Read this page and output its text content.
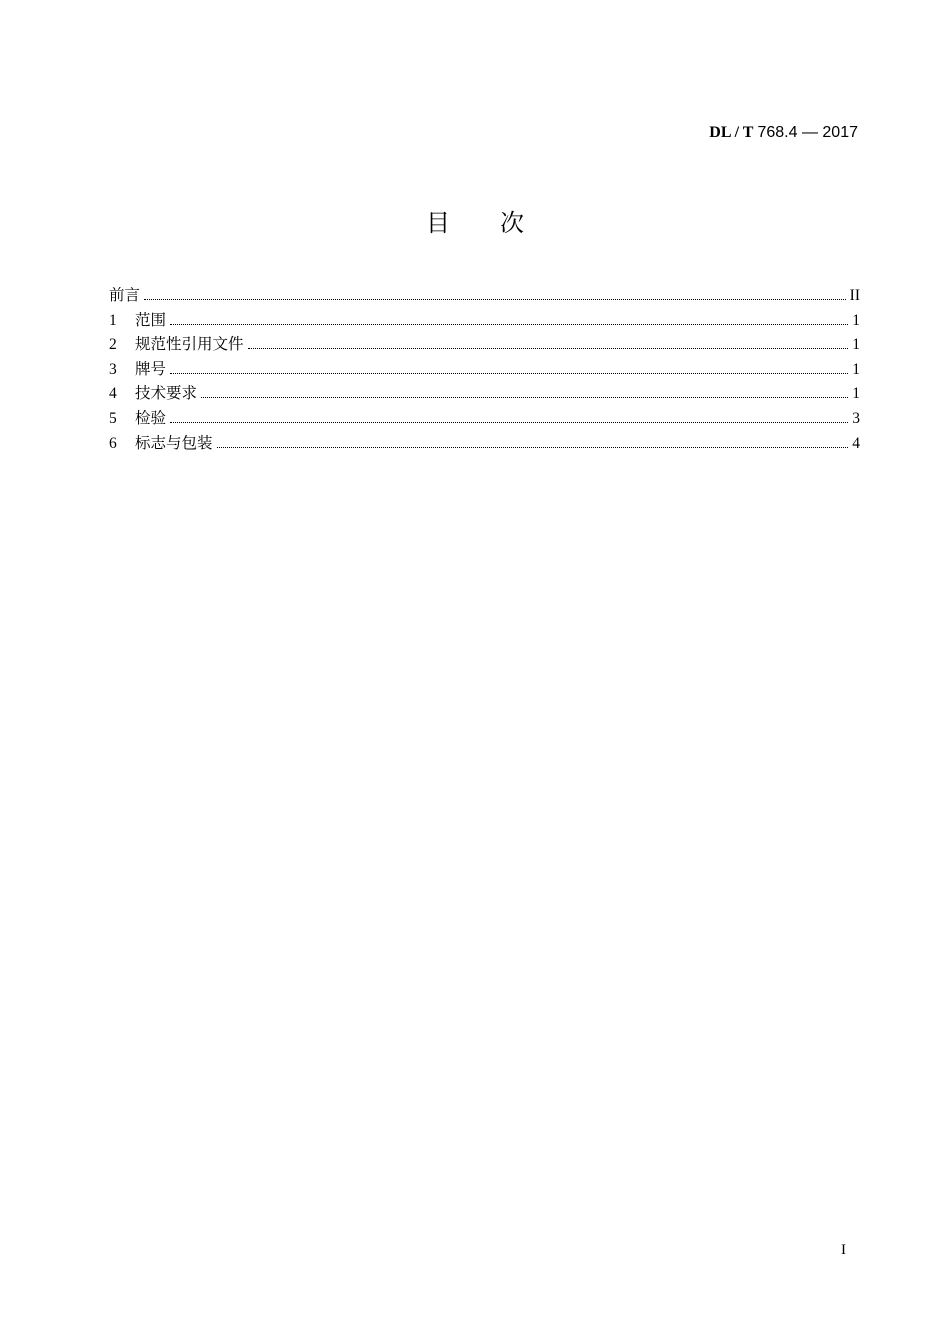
DL / T 768.4 — 2017
目 次
前言	II
1	范围	1
2	规范性引用文件	1
3	牌号	1
4	技术要求	1
5	检验	3
6	标志与包装	4
I
